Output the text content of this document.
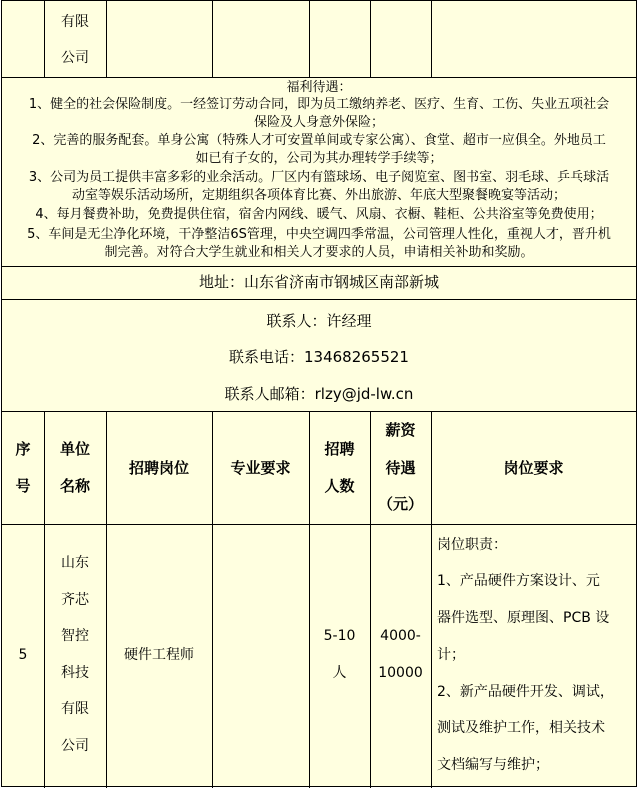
有限
公司
福利待遇：
1、健全的社会保险制度。一经签订劳动合同，即为员工缴纳养老、医疗、生育、工伤、失业五项社会
保险及人身意外保险；
2、完善的服务配套。单身公寓（特殊人才可安置单间或专家公寓）、食堂、超市一应俱全。外地员工
如已有子女的，公司为其办理转学手续等；
3、公司为员工提供丰富多彩的业余活动。厂区内有篮球场、电子阅览室、图书室、羽毛球、乒乓球活
动室等娱乐活动场所，定期组织各项体育比赛、外出旅游、年底大型聚餐晚宴等活动；
4、每月餐费补助，免费提供住宿，宿舍内网线、暖气、风扇、衣橱、鞋柜、公共浴室等免费使用；
5、车间是无尘净化环境，干净整洁6S管理，中央空调四季常温，公司管理人性化，重视人才，晋升机
制完善。对符合大学生就业和相关人才要求的人员，申请相关补助和奖励。
地址：山东省济南市钢城区南部新城
联系人：许经理
联系电话：13468265521
联系人邮箱：rlzy@jd-lw.cn
序
号
单位
名称
招聘岗位	专业要求
招聘
人数
薪资
待遇
（元）
岗位要求
5
山东
齐芯
智控
科技
有限
公司
硬件工程师
5-10
人
4000-
10000
岗位职责：
1、产品硬件方案设计、元
器件选型、原理图、PCB 设
计；
2、新产品硬件开发、调试，
测试及维护工作，相关技术
文档编写与维护；
